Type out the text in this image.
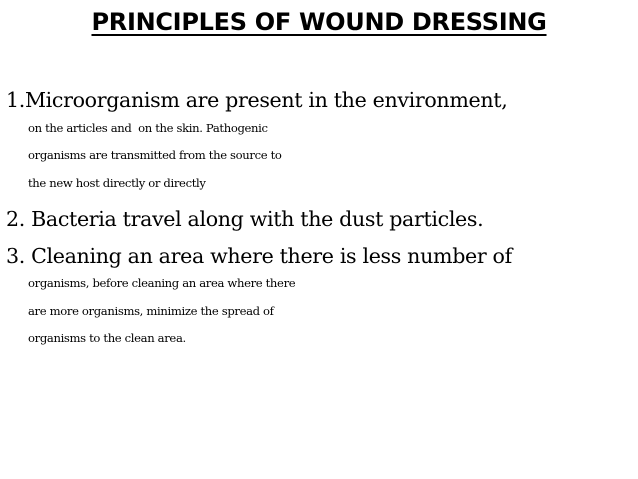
PRINCIPLES OF WOUND DRESSING
1.Microorganism are present in the environment,
on the articles and  on the skin. Pathogenic
organisms are transmitted from the source to
the new host directly or directly
2. Bacteria travel along with the dust particles.
3. Cleaning an area where there is less number of
organisms, before cleaning an area where there
are more organisms, minimize the spread of
organisms to the clean area.
